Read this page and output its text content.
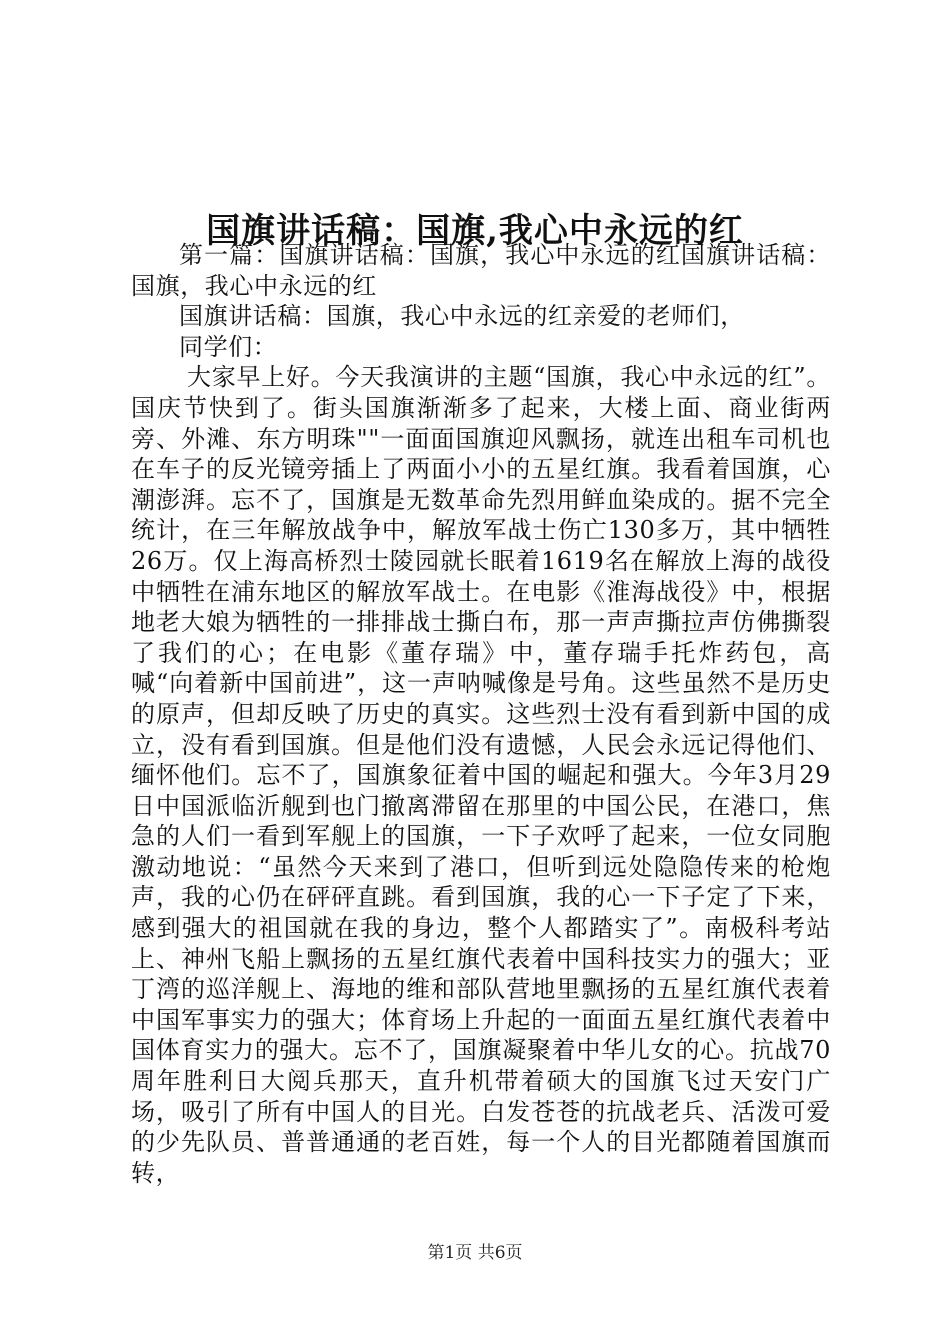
国旗讲话稿：国旗,我心中永远的红

第一篇：国旗讲话稿：国旗，我心中永远的红国旗讲话稿：国旗，我心中永远的红

国旗讲话稿：国旗，我心中永远的红亲爱的老师们，

同学们：

大家早上好。今天我演讲的主题“国旗，我心中永远的红”。国庆节快到了。街头国旗渐渐多了起来，大楼上面、商业街两旁、外滩、东方明珠""一面面国旗迎风飘扬，就连出租车司机也在车子的反光镜旁插上了两面小小的五星红旗。我看着国旗，心潮澎湃。忘不了，国旗是无数革命先烈用鲜血染成的。据不完全统计，在三年解放战争中，解放军战士伤亡130多万，其中牺牲26万。仅上海高桥烈士陵园就长眠着1619名在解放上海的战役中牺牲在浦东地区的解放军战士。在电影《淮海战役》中，根据地老大娘为牺牲的一排排战士撕白布，那一声声撕拉声仿佛撕裂了我们的心；在电影《董存瑞》中，董存瑞手托炸药包，高喊“向着新中国前进”，这一声呐喊像是号角。这些虽然不是历史的原声，但却反映了历史的真实。这些烈士没有看到新中国的成立，没有看到国旗。但是他们没有遗憾，人民会永远记得他们、缅怀他们。忘不了，国旗象征着中国的崛起和强大。今年3月29日中国派临沂舰到也门撤离滞留在那里的中国公民，在港口，焦急的人们一看到军舰上的国旗，一下子欢呼了起来，一位女同胞激动地说：“虽然今天来到了港口，但听到远处隐隐传来的枪炮声，我的心仍在砰砰直跳。看到国旗，我的心一下子定了下来，感到强大的祖国就在我的身边，整个人都踏实了”。南极科考站上、神州飞船上飘扬的五星红旗代表着中国科技实力的强大；亚丁湾的巡洋舰上、海地的维和部队营地里飘扬的五星红旗代表着中国军事实力的强大；体育场上升起的一面面五星红旗代表着中国体育实力的强大。忘不了，国旗凝聚着中华儿女的心。抗战70周年胜利日大阅兵那天，直升机带着硕大的国旗飞过天安门广场，吸引了所有中国人的目光。白发苍苍的抗战老兵、活泼可爱的少先队员、普普通通的老百姓，每一个人的目光都随着国旗而转，

第1页 共6页
